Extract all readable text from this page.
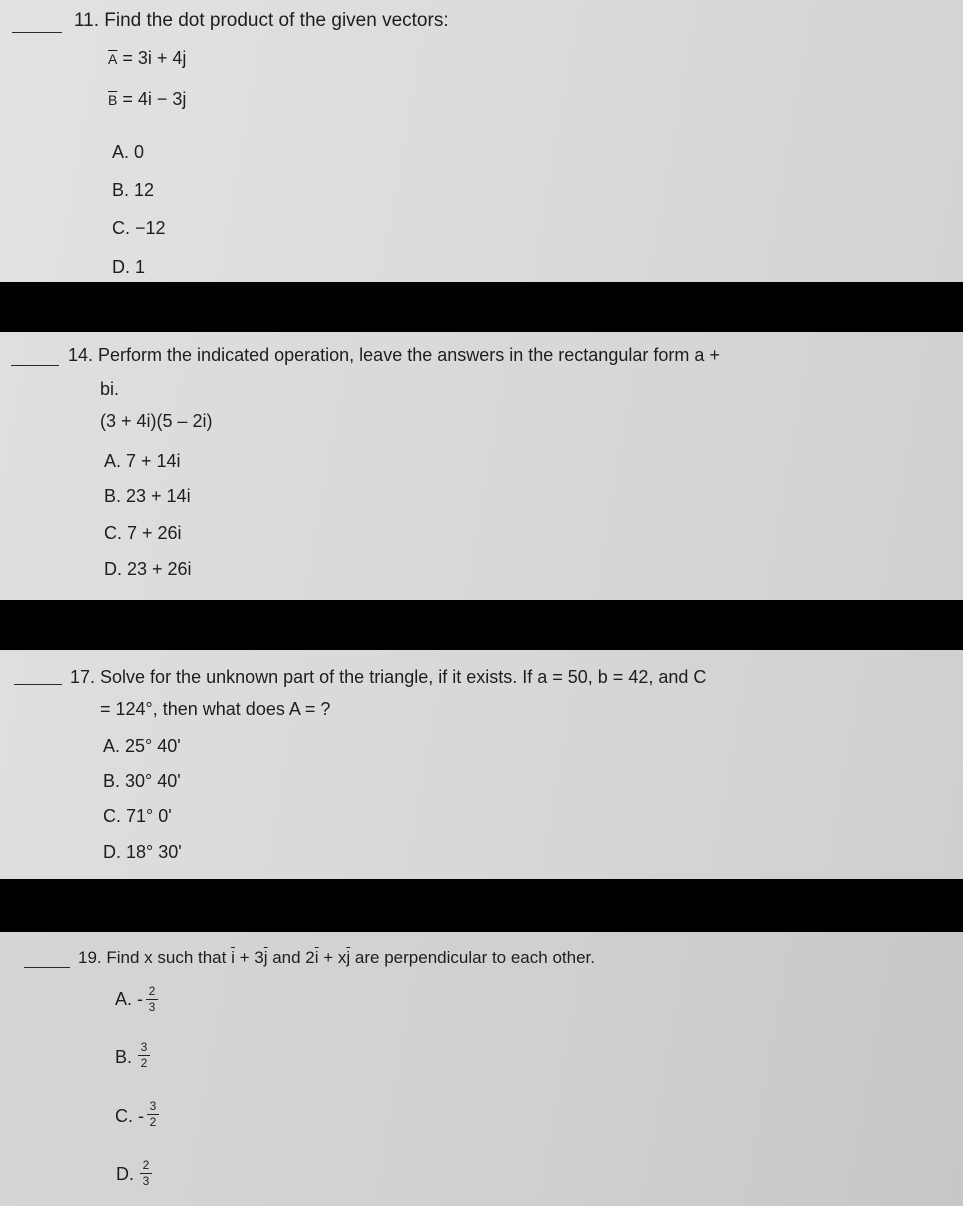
11. Find the dot product of the given vectors:
$\overline{A} = 3i + 4j$
$\overline{B} = 4i - 3j$
A. 0
B. 12
C. −12
D. 1
14. Perform the indicated operation, leave the answers in the rectangular form a +
bi.
(3 + 4i)(5 – 2i)
A. 7 + 14i
B. 23 + 14i
C. 7 + 26i
D. 23 + 26i
17. Solve for the unknown part of the triangle, if it exists. If a = 50, b = 42, and C
= 124°, then what does A = ?
A. 25° 40'
B. 30° 40'
C. 71° 0'
D. 18° 30'
19. Find x such that $\overline{i} + 3\overline{j}$ and $2\overline{i} + x\overline{j}$ are perpendicular to each other.
A. - 2
3
B. 3
2
C. - 3
2
D. 2
3
